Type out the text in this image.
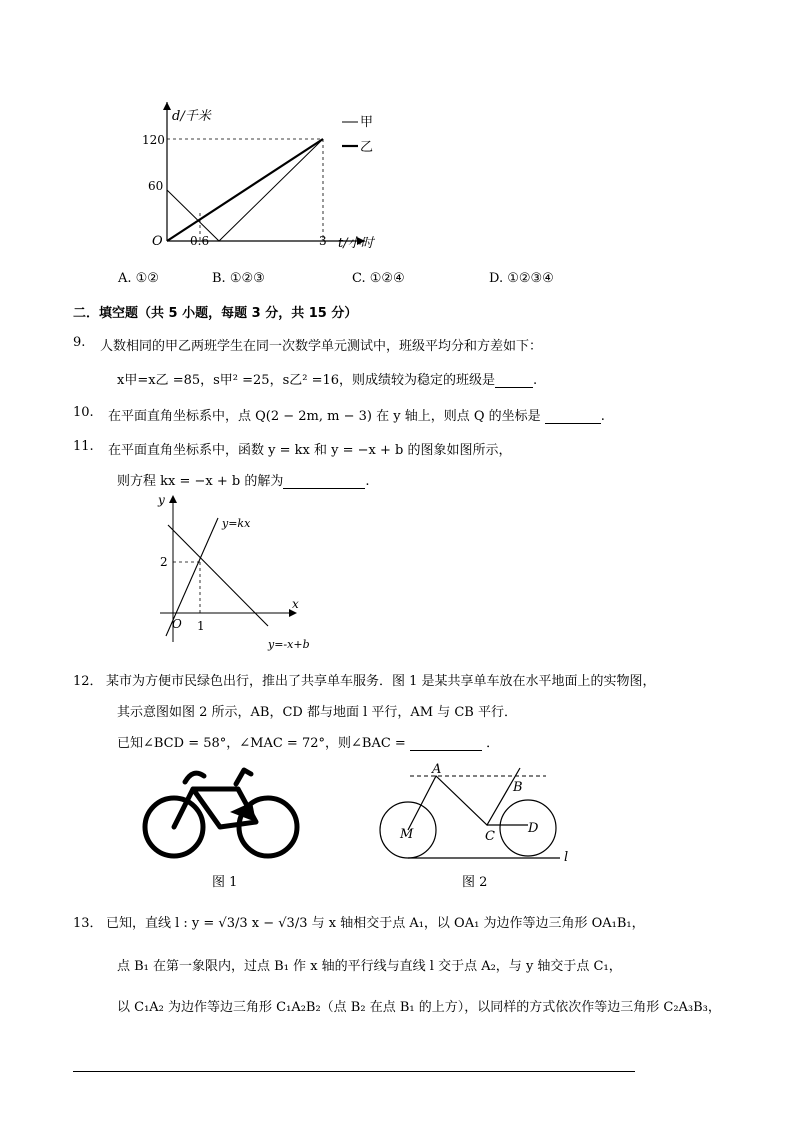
d/千米
120
60
O 0.6	3 t/小时
甲
乙
A. ①②	B. ①②③	C. ①②④	D. ①②③④
二．填空题（共 5 小题，每题 3 分，共 15 分）
9. 人数相同的甲乙两班学生在同一次数学单元测试中，班级平均分和方差如下：
x甲=x乙 =85，s甲² =25，s乙² =16，则成绩较为稳定的班级是	.
10. 在平面直角坐标系中，点 Q(2 − 2m, m − 3) 在 y 轴上，则点 Q 的坐标是	.
11. 在平面直角坐标系中，函数 y = kx 和 y = −x + b 的图象如图所示，
则方程 kx = −x + b 的解为	.
y
x
O 1
2
y=kx
y=-x+b
12． 某市为方便市民绿色出行，推出了共享单车服务．图 1 是某共享单车放在水平地面上的实物图，
其示意图如图 2 所示，AB，CD 都与地面 l 平行，AM 与 CB 平行．
已知∠BCD = 58°，∠MAC = 72°，则∠BAC =	．
图 1
A
B
C
D
M
l
图 2
13． 已知，直线 l : y = √3/3 x − √3/3 与 x 轴相交于点 A₁，以 OA₁ 为边作等边三角形 OA₁B₁，
点 B₁ 在第一象限内，过点 B₁ 作 x 轴的平行线与直线 l 交于点 A₂，与 y 轴交于点 C₁，
以 C₁A₂ 为边作等边三角形 C₁A₂B₂（点 B₂ 在点 B₁ 的上方），以同样的方式依次作等边三角形 C₂A₃B₃，
